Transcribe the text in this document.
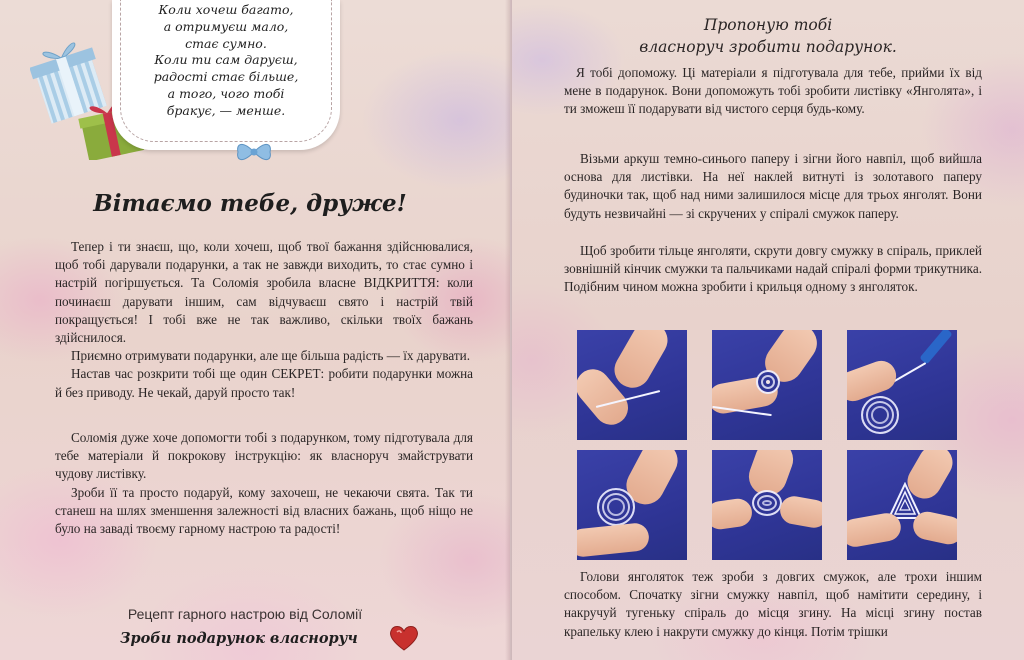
Коли хочеш багато,
а отримуєш мало,
стає сумно.
Коли ти сам даруєш,
радості стає більше,
а того, чого тобі
бракує, — менше.
Вітаємо тебе, друже!

Тепер і ти знаєш, що, коли хочеш, щоб твої бажання здійснювалися, щоб тобі дарували подарунки, а так не завжди виходить, то стає сумно і настрій погіршується. Та Соломія зробила власне ВІДКРИТТЯ: коли починаєш дарувати іншим, сам відчуваєш свято і настрій твій покращується! І тобі вже не так важливо, скільки твоїх бажань здійснилося.

Приємно отримувати подарунки, але ще більша радість — їх дарувати.

Настав час розкрити тобі ще один СЕКРЕТ: робити подарунки можна й без приводу. Не чекай, даруй просто так!

Соломія дуже хоче допомогти тобі з подарунком, тому підготувала для тебе матеріали й покрокову інструкцію: як власноруч змайструвати чудову листівку.

Зроби її та просто подаруй, кому захочеш, не чекаючи свята. Так ти станеш на шлях зменшення залежності від власних бажань, щоб ніщо не було на заваді твоєму гарному настрою та радості!

Рецепт гарного настрою від Соломії
Зроби подарунок власноруч
Пропоную тобі
власноруч зробити подарунок.

Я тобі допоможу. Ці матеріали я підготувала для тебе, прийми їх від мене в подарунок. Вони допоможуть тобі зробити листівку «Янголята», і ти зможеш її подарувати від чистого серця будь-кому.

Візьми аркуш темно-синього паперу і зігни його навпіл, щоб вийшла основа для листівки. На неї наклей витнуті із золотавого паперу будиночки так, щоб над ними залишилося місце для трьох янголят. Вони будуть незвичайні — зі скручених у спіралі смужок паперу.

Щоб зробити тільце янголяти, скрути довгу смужку в спіраль, приклей зовнішній кінчик смужки та пальчиками надай спіралі форми трикутника. Подібним чином можна зробити і крильця одному з янголяток.

Голови янголяток теж зроби з довгих смужок, але трохи іншим способом. Спочатку зігни смужку навпіл, щоб намітити середину, і накручуй тугеньку спіраль до місця згину. На місці згину постав крапельку клею і накрути смужку до кінця. Потім трішки
